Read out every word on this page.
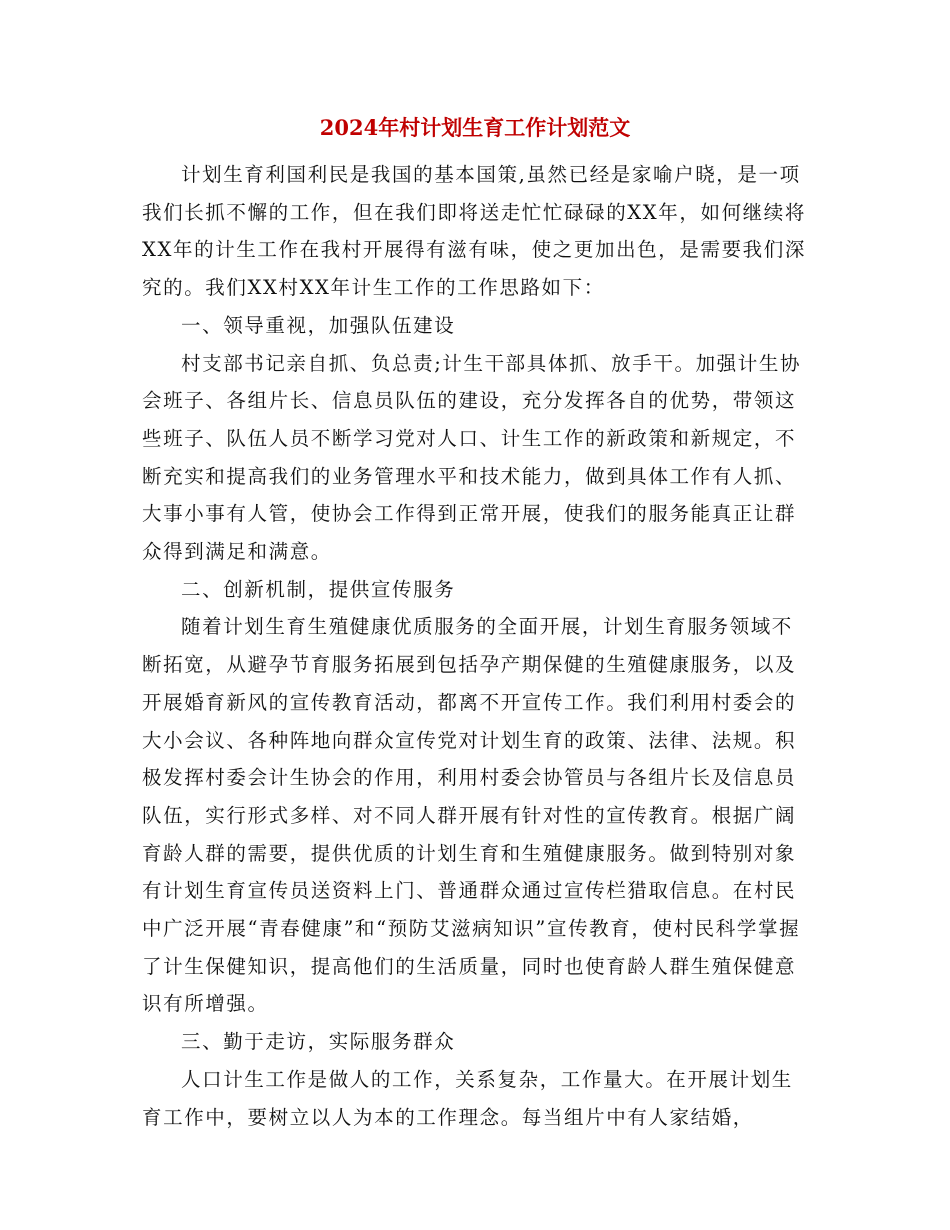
2024年村计划生育工作计划范文

计划生育利国利民是我国的基本国策,虽然已经是家喻户晓，是一项我们长抓不懈的工作，但在我们即将送走忙忙碌碌的XX年，如何继续将XX年的计生工作在我村开展得有滋有味，使之更加出色，是需要我们深究的。我们XX村XX年计生工作的工作思路如下：

一、领导重视，加强队伍建设

村支部书记亲自抓、负总责;计生干部具体抓、放手干。加强计生协会班子、各组片长、信息员队伍的建设，充分发挥各自的优势，带领这些班子、队伍人员不断学习党对人口、计生工作的新政策和新规定，不断充实和提高我们的业务管理水平和技术能力，做到具体工作有人抓、大事小事有人管，使协会工作得到正常开展，使我们的服务能真正让群众得到满足和满意。

二、创新机制，提供宣传服务

随着计划生育生殖健康优质服务的全面开展，计划生育服务领域不断拓宽，从避孕节育服务拓展到包括孕产期保健的生殖健康服务，以及开展婚育新风的宣传教育活动，都离不开宣传工作。我们利用村委会的大小会议、各种阵地向群众宣传党对计划生育的政策、法律、法规。积极发挥村委会计生协会的作用，利用村委会协管员与各组片长及信息员队伍，实行形式多样、对不同人群开展有针对性的宣传教育。根据广阔育龄人群的需要，提供优质的计划生育和生殖健康服务。做到特别对象有计划生育宣传员送资料上门、普通群众通过宣传栏猎取信息。在村民中广泛开展“青春健康”和“预防艾滋病知识”宣传教育，使村民科学掌握了计生保健知识，提高他们的生活质量，同时也使育龄人群生殖保健意识有所增强。

三、勤于走访，实际服务群众

人口计生工作是做人的工作，关系复杂，工作量大。在开展计划生育工作中，要树立以人为本的工作理念。每当组片中有人家结婚，
